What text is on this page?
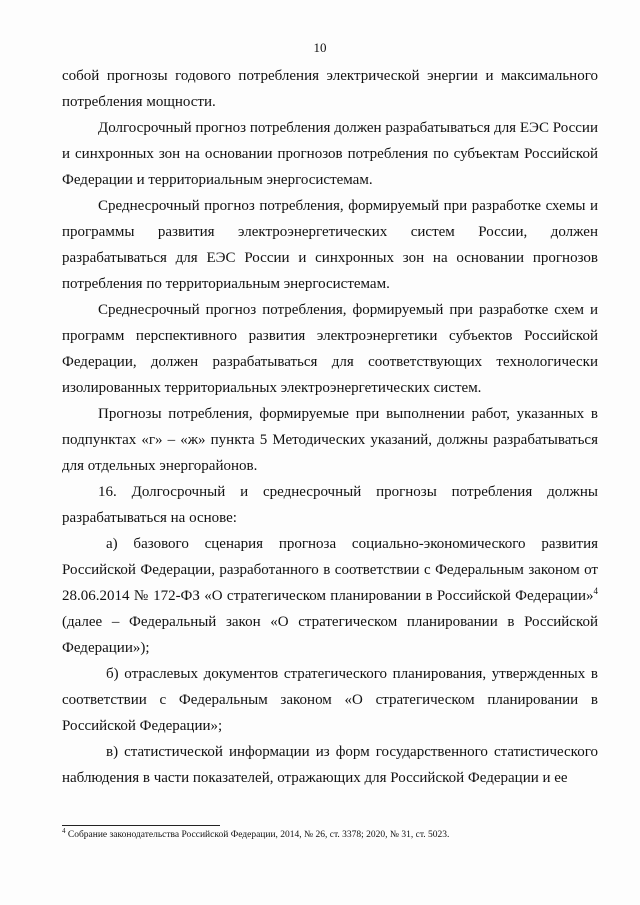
10

собой прогнозы годового потребления электрической энергии и максимального потребления мощности.

Долгосрочный прогноз потребления должен разрабатываться для ЕЭС России и синхронных зон на основании прогнозов потребления по субъектам Российской Федерации и территориальным энергосистемам.

Среднесрочный прогноз потребления, формируемый при разработке схемы и программы развития электроэнергетических систем России, должен разрабатываться для ЕЭС России и синхронных зон на основании прогнозов потребления по территориальным энергосистемам.

Среднесрочный прогноз потребления, формируемый при разработке схем и программ перспективного развития электроэнергетики субъектов Российской Федерации, должен разрабатываться для соответствующих технологически изолированных территориальных электроэнергетических систем.

Прогнозы потребления, формируемые при выполнении работ, указанных в подпунктах «г» – «ж» пункта 5 Методических указаний, должны разрабатываться для отдельных энергорайонов.

16. Долгосрочный и среднесрочный прогнозы потребления должны разрабатываться на основе:

а) базового сценария прогноза социально-экономического развития Российской Федерации, разработанного в соответствии с Федеральным законом от 28.06.2014 № 172-ФЗ «О стратегическом планировании в Российской Федерации»$^4$ (далее – Федеральный закон «О стратегическом планировании в Российской Федерации»);

б) отраслевых документов стратегического планирования, утвержденных в соответствии с Федеральным законом «О стратегическом планировании в Российской Федерации»;

в) статистической информации из форм государственного статистического наблюдения в части показателей, отражающих для Российской Федерации и ее

$^4$ Собрание законодательства Российской Федерации, 2014, № 26, ст. 3378; 2020, № 31, ст. 5023.
